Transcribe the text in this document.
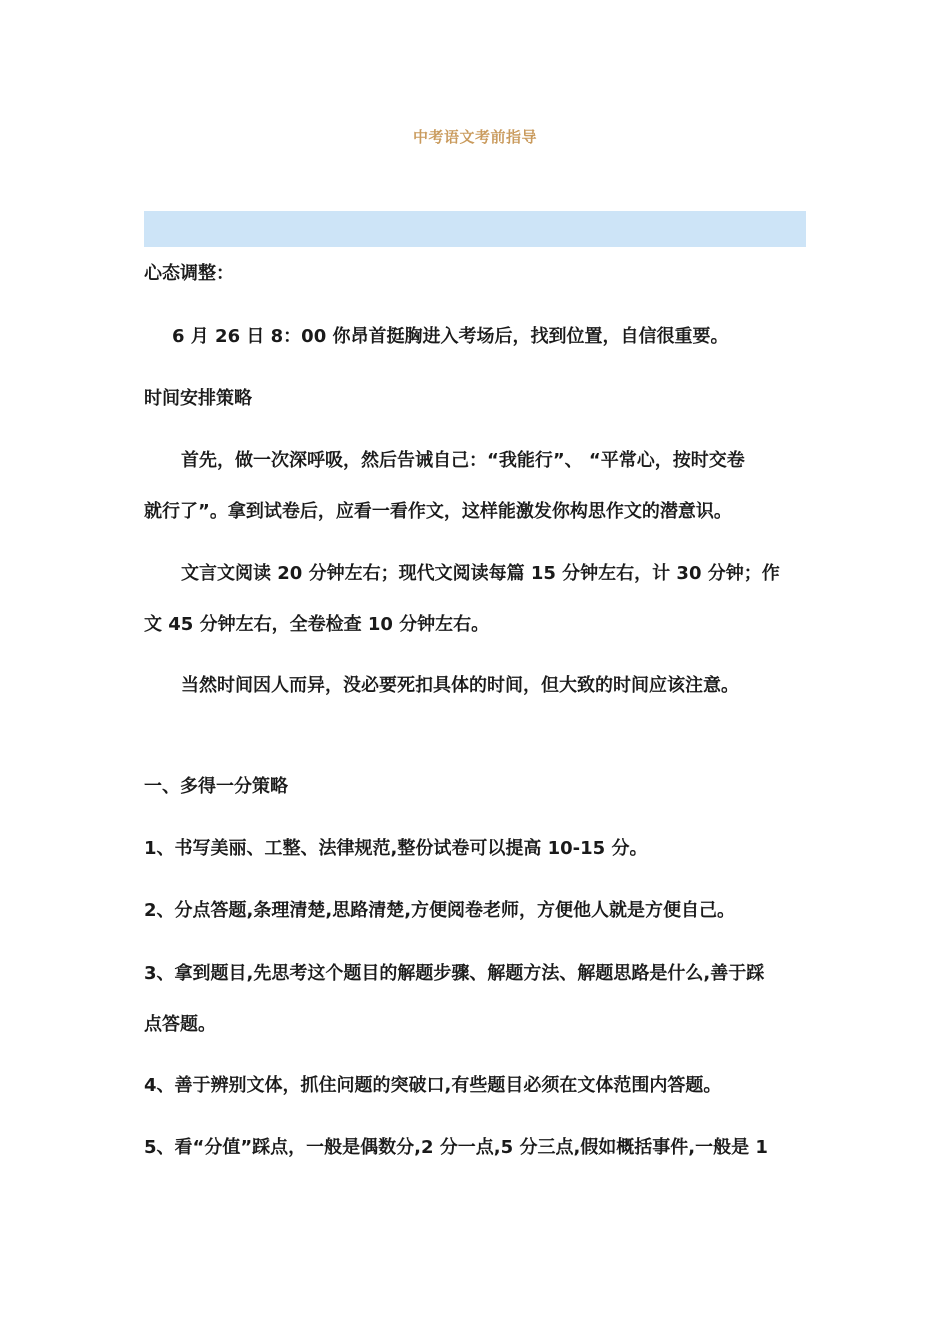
中考语文考前指导

心态调整：

6 月 26 日 8：00 你昂首挺胸进入考场后，找到位置，自信很重要。

时间安排策略

首先，做一次深呼吸，然后告诫自己：“我能行”、 “平常心，按时交卷
就行了”。拿到试卷后，应看一看作文，这样能激发你构思作文的潜意识。

文言文阅读 20 分钟左右；现代文阅读每篇 15 分钟左右，计 30 分钟；作
文 45 分钟左右，全卷检查 10 分钟左右。

当然时间因人而异，没必要死扣具体的时间，但大致的时间应该注意。

一、多得一分策略

1、书写美丽、工整、法律规范,整份试卷可以提高 10-15 分。

2、分点答题,条理清楚,思路清楚,方便阅卷老师，方便他人就是方便自己。

3、拿到题目,先思考这个题目的解题步骤、解题方法、解题思路是什么,善于踩
点答题。

4、善于辨别文体，抓住问题的突破口,有些题目必须在文体范围内答题。

5、看“分值”踩点，一般是偶数分,2 分一点,5 分三点,假如概括事件,一般是 1
